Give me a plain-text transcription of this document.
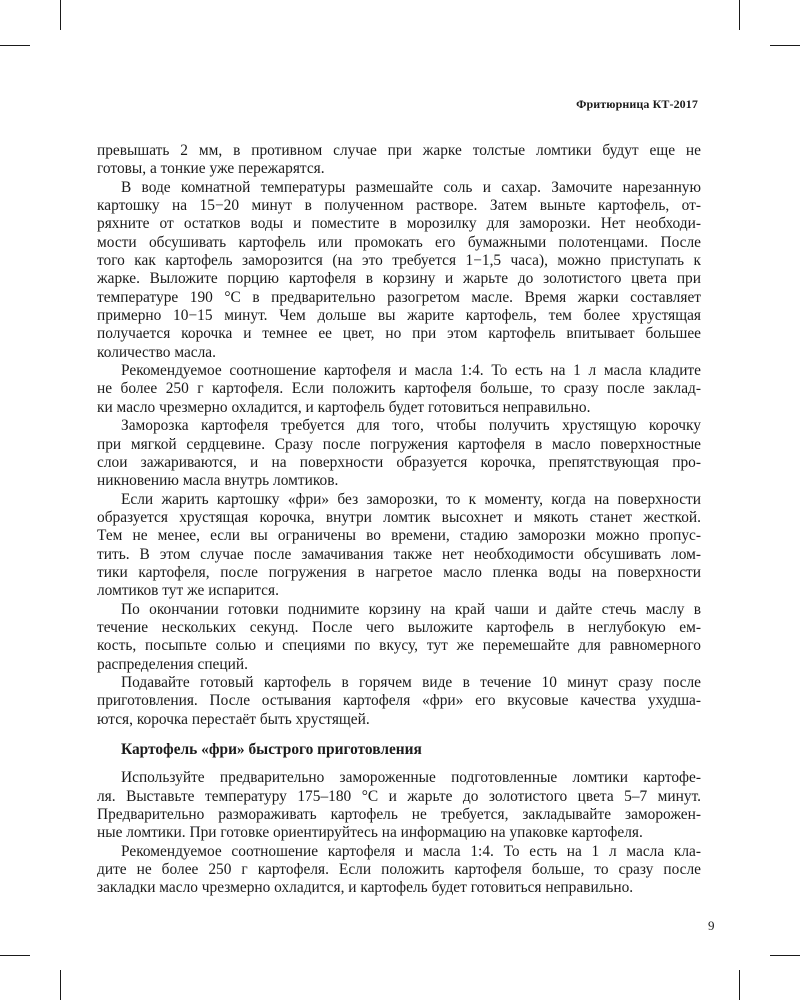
Фритюрница КТ-2017
превышать 2 мм, в противном случае при жарке толстые ломтики будут еще не
готовы, а тонкие уже пережарятся.
В воде комнатной температуры размешайте соль и сахар. Замочите нарезанную
картошку на 15−20 минут в полученном растворе. Затем выньте картофель, от-
ряхните от остатков воды и поместите в морозилку для заморозки. Нет необходи-
мости обсушивать картофель или промокать его бумажными полотенцами. После
того как картофель заморозится (на это требуется 1−1,5 часа), можно приступать к
жарке. Выложите порцию картофеля в корзину и жарьте до золотистого цвета при
температуре 190 °С в предварительно разогретом масле. Время жарки составляет
примерно 10−15 минут. Чем дольше вы жарите картофель, тем более хрустящая
получается корочка и темнее ее цвет, но при этом картофель впитывает большее
количество масла.
Рекомендуемое соотношение картофеля и масла 1:4. То есть на 1 л масла кладите
не более 250 г картофеля. Если положить картофеля больше, то сразу после заклад-
ки масло чрезмерно охладится, и картофель будет готовиться неправильно.
Заморозка картофеля требуется для того, чтобы получить хрустящую корочку
при мягкой сердцевине. Сразу после погружения картофеля в масло поверхностные
слои зажариваются, и на поверхности образуется корочка, препятствующая про-
никновению масла внутрь ломтиков.
Если жарить картошку «фри» без заморозки, то к моменту, когда на поверхности
образуется хрустящая корочка, внутри ломтик высохнет и мякоть станет жесткой.
Тем не менее, если вы ограничены во времени, стадию заморозки можно пропус-
тить. В этом случае после замачивания также нет необходимости обсушивать лом-
тики картофеля, после погружения в нагретое масло пленка воды на поверхности
ломтиков тут же испарится.
По окончании готовки поднимите корзину на край чаши и дайте стечь маслу в
течение нескольких секунд. После чего выложите картофель в неглубокую ем-
кость, посыпьте солью и специями по вкусу, тут же перемешайте для равномерного
распределения специй.
Подавайте готовый картофель в горячем виде в течение 10 минут сразу после
приготовления. После остывания картофеля «фри» его вкусовые качества ухудша-
ются, корочка перестаёт быть хрустящей.
Картофель «фри» быстрого приготовления
Используйте предварительно замороженные подготовленные ломтики картофе-
ля. Выставьте температуру 175–180 °С и жарьте до золотистого цвета 5–7 минут.
Предварительно размораживать картофель не требуется, закладывайте заморожен-
ные ломтики. При готовке ориентируйтесь на информацию на упаковке картофеля.
Рекомендуемое соотношение картофеля и масла 1:4. То есть на 1 л масла кла-
дите не более 250 г картофеля. Если положить картофеля больше, то сразу после
закладки масло чрезмерно охладится, и картофель будет готовиться неправильно.
9
